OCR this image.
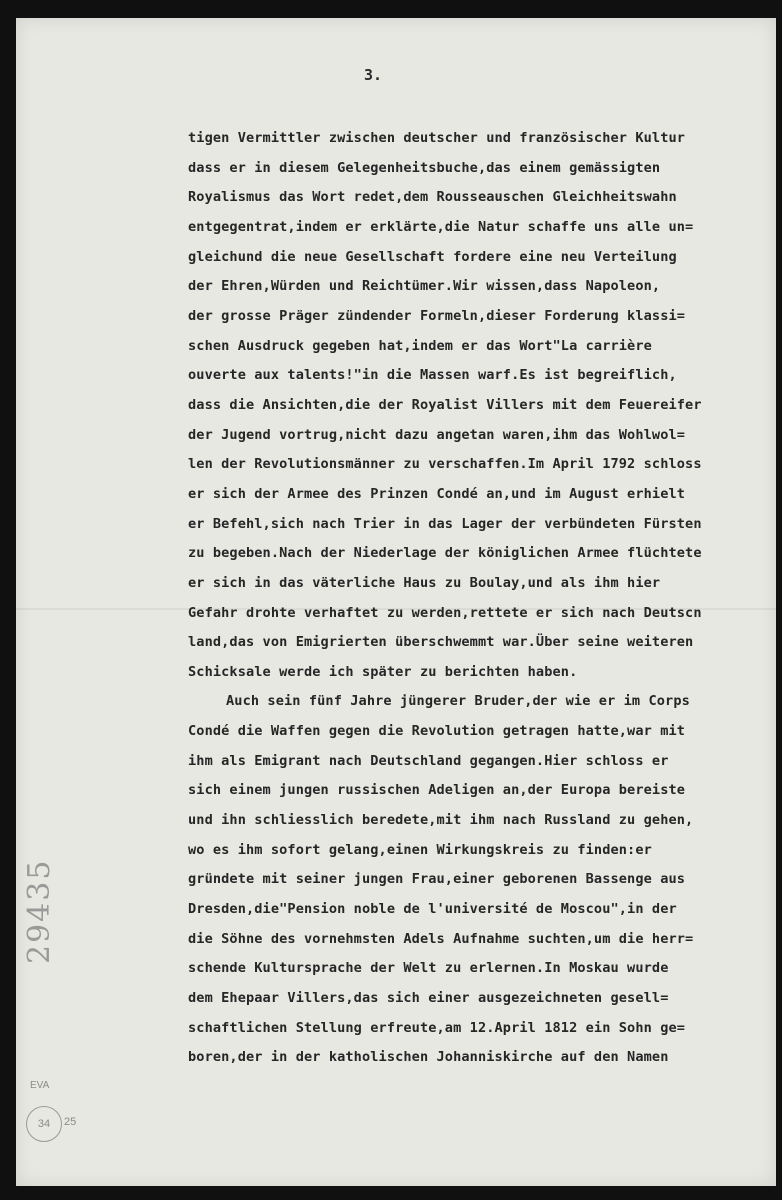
3.
tigen Vermittler zwischen deutscher und französischer Kultur
dass er in diesem Gelegenheitsbuche,das einem gemässigten
Royalismus das Wort redet,dem Rousseauschen Gleichheitswahn
entgegentrat,indem er erklärte,die Natur schaffe uns alle un=
gleichund die neue Gesellschaft fordere eine neu Verteilung
der Ehren,Würden und Reichtümer.Wir wissen,dass Napoleon,
der grosse Präger zündender Formeln,dieser Forderung klassi=
schen Ausdruck gegeben hat,indem er das Wort"La carrière
ouverte aux talents!"in die Massen warf.Es ist begreiflich,
dass die Ansichten,die der Royalist Villers mit dem Feuereifer
der Jugend vortrug,nicht dazu angetan waren,ihm das Wohlwol=
len der Revolutionsmänner zu verschaffen.Im April 1792 schloss
er sich der Armee des Prinzen Condé an,und im August erhielt
er Befehl,sich nach Trier in das Lager der verbündeten Fürsten
zu begeben.Nach der Niederlage der königlichen Armee flüchtete
er sich in das väterliche Haus zu Boulay,und als ihm hier
Gefahr drohte verhaftet zu werden,rettete er sich nach Deutscn
land,das von Emigrierten überschwemmt war.Über seine weiteren
Schicksale werde ich später zu berichten haben.
Auch sein fünf Jahre jüngerer Bruder,der wie er im Corps
Condé die Waffen gegen die Revolution getragen hatte,war mit
ihm als Emigrant nach Deutschland gegangen.Hier schloss er
sich einem jungen russischen Adeligen an,der Europa bereiste
und ihn schliesslich beredete,mit ihm nach Russland zu gehen,
wo es ihm sofort gelang,einen Wirkungskreis zu finden:er
gründete mit seiner jungen Frau,einer geborenen Bassenge aus
Dresden,die"Pension noble de l'université de Moscou",in der
die Söhne des vornehmsten Adels Aufnahme suchten,um die herr=
schende Kultursprache der Welt zu erlernen.In Moskau wurde
dem Ehepaar Villers,das sich einer ausgezeichneten gesell=
schaftlichen Stellung erfreute,am 12.April 1812 ein Sohn ge=
boren,der in der katholischen Johanniskirche auf den Namen
29435
EVA
34	25
